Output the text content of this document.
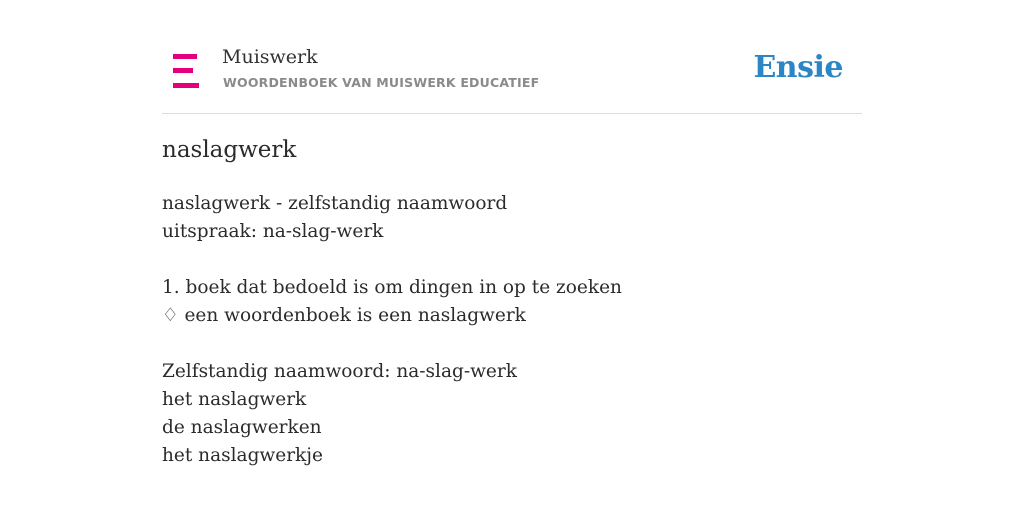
Muiswerk
WOORDENBOEK VAN MUISWERK EDUCATIEF	Ensie
naslagwerk
naslagwerk - zelfstandig naamwoord
uitspraak: na-slag-werk
1. boek dat bedoeld is om dingen in op te zoeken
♢ een woordenboek is een naslagwerk
Zelfstandig naamwoord: na-slag-werk
het naslagwerk
de naslagwerken
het naslagwerkje
